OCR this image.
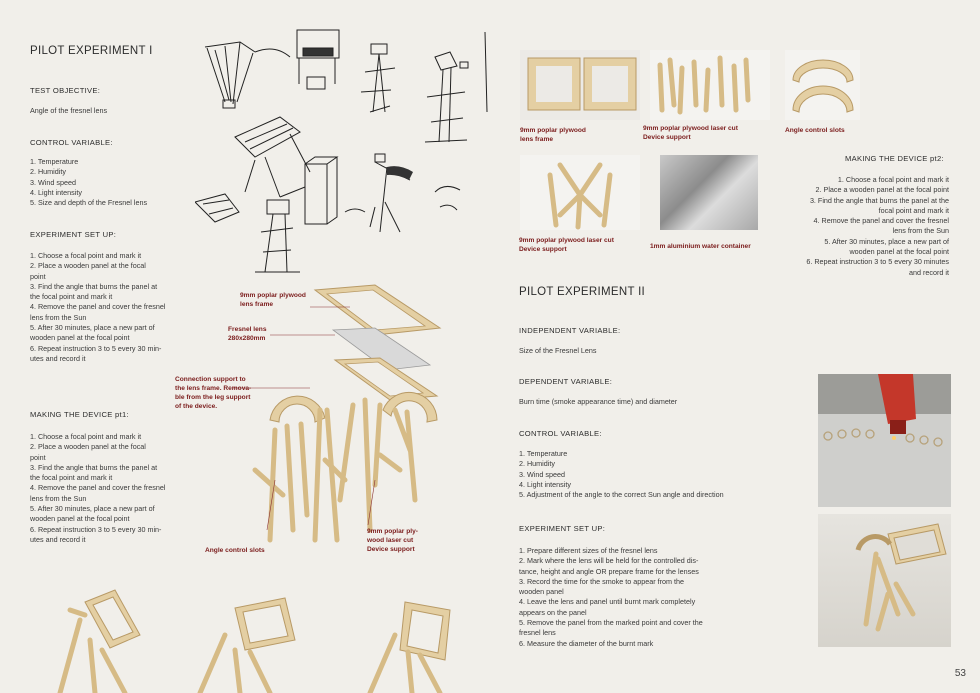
PILOT EXPERIMENT I
TEST OBJECTIVE:
Angle of the fresnel lens
CONTROL VARIABLE:
1. Temperature
2. Humidity
3. Wind speed
4. Light intensity
5. Size and depth of the Fresnel lens
EXPERIMENT SET UP:
1. Choose a focal point and mark it
2. Place a wooden panel at the focal
point
3. Find the angle that burns the panel at
the focal point and mark it
4. Remove the panel and cover the fresnel
lens from the Sun
5. After 30 minutes, place a new part of
wooden panel at the focal point
6. Repeat instruction 3 to 5 every 30 min-
utes and record it
MAKING THE DEVICE pt1:
1. Choose a focal point and mark it
2. Place a wooden panel at the focal
point
3. Find the angle that burns the panel at
the focal point and mark it
4. Remove the panel and cover the fresnel
lens from the Sun
5. After 30 minutes, place a new part of
wooden panel at the focal point
6. Repeat instruction 3 to 5 every 30 min-
utes and record it
9mm poplar plywood
lens frame
Fresnel lens
280x280mm
Connection support to
the lens frame. Remova-
ble from the leg support
of the device.
Angle control slots
9mm poplar ply-
wood laser cut
Device support
9mm poplar plywood
lens frame
9mm poplar plywood laser cut
Device support
Angle control slots
9mm poplar plywood laser cut
Device support	1mm aluminium water container
MAKING THE DEVICE pt2:
1. Choose a focal point and mark it
2. Place a wooden panel at the focal point
3. Find the angle that burns the panel at the
focal point and mark it
4. Remove the panel and cover the fresnel
lens from the Sun
5. After 30 minutes, place a new part of
wooden panel at the focal point
6. Repeat instruction 3 to 5 every 30 minutes
and record it
PILOT EXPERIMENT II
INDEPENDENT VARIABLE:
Size of the Fresnel Lens
DEPENDENT VARIABLE:
Burn time (smoke appearance time) and diameter
CONTROL VARIABLE:
1. Temperature
2. Humidity
3. Wind speed
4. Light intensity
5. Adjustment of the angle to the correct Sun angle and direction
EXPERIMENT SET UP:
1. Prepare different sizes of the fresnel lens
2. Mark where the lens will be held for the controlled dis-
tance, height and angle OR prepare frame for the lenses
3. Record the time for the smoke to appear from the
wooden panel
4. Leave the lens and panel until burnt mark completely
appears on the panel
5. Remove the panel from the marked point and cover the
fresnel lens
6. Measure the diameter of the burnt mark
53
